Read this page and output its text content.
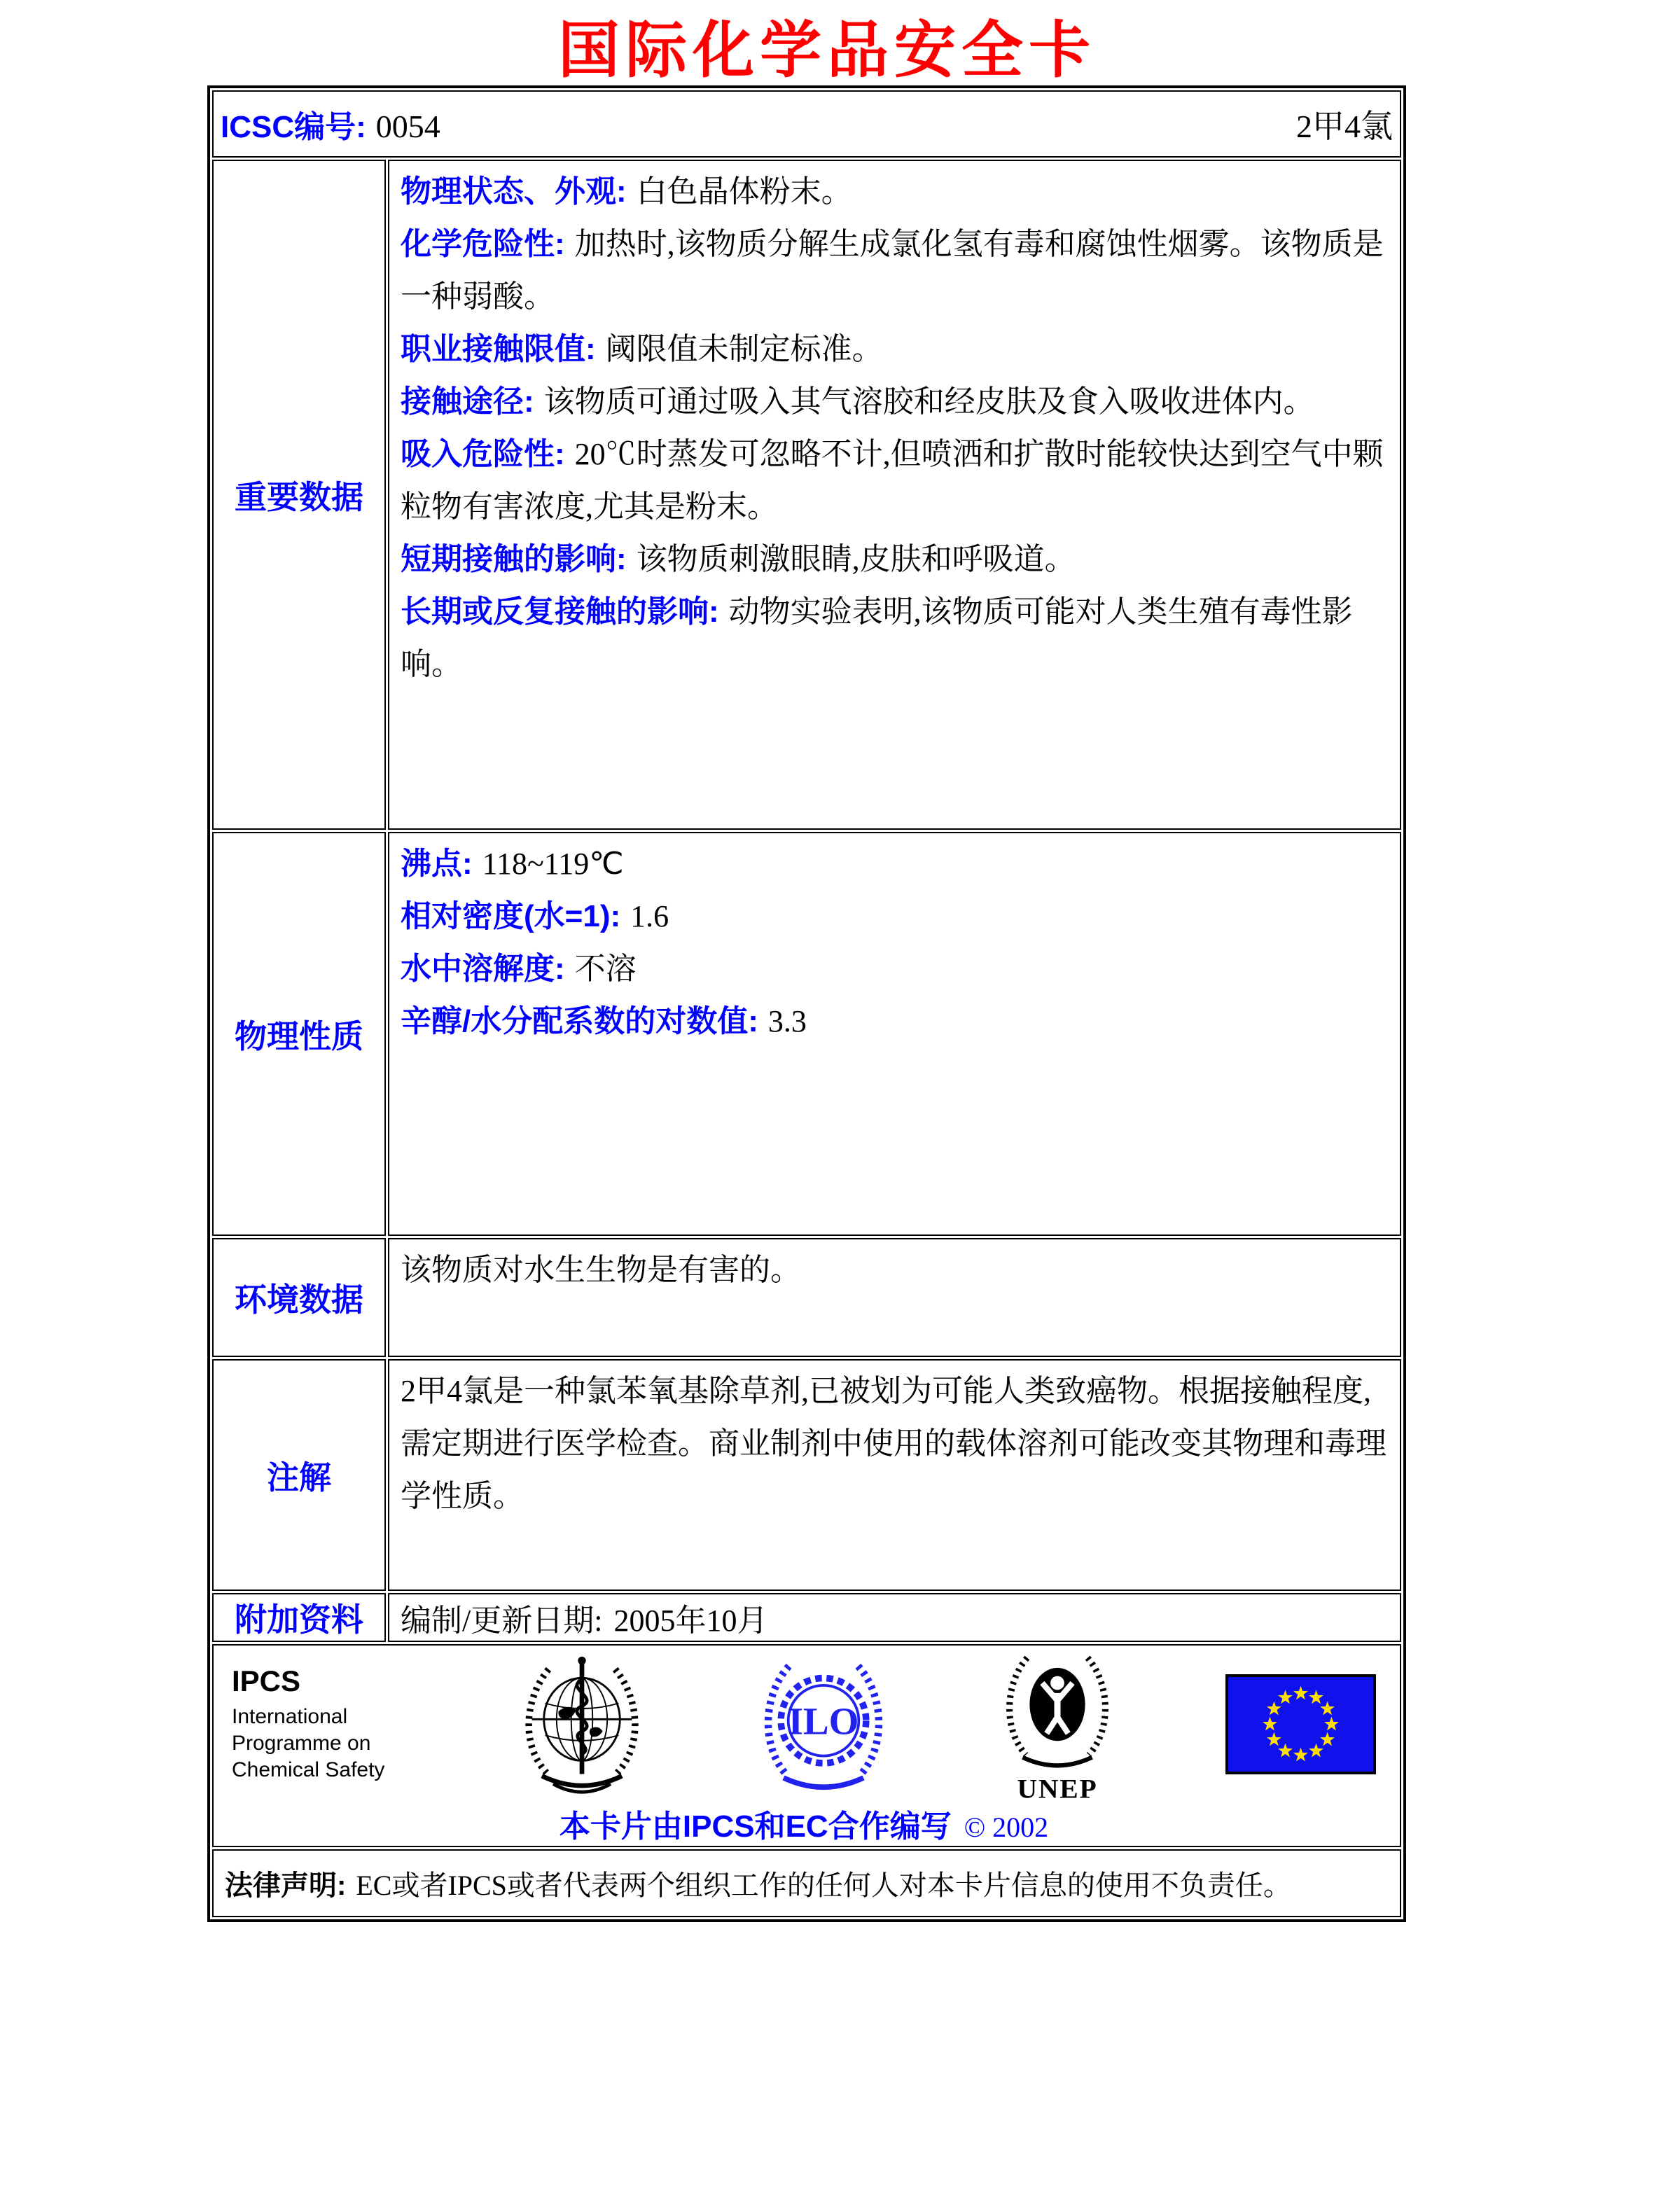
国际化学品安全卡
ICSC编号: 0054 2甲4氯	

重要数据	
物理状态、外观: 白色晶体粉末。
化学危险性: 加热时,该物质分解生成氯化氢有毒和腐蚀性烟雾。该物质是一种弱酸。
职业接触限值: 阈限值未制定标准。
接触途径: 该物质可通过吸入其气溶胶和经皮肤及食入吸收进体内。
吸入危险性: 20℃时蒸发可忽略不计,但喷洒和扩散时能较快达到空气中颗粒物有害浓度,尤其是粉末。
短期接触的影响: 该物质刺激眼睛,皮肤和呼吸道。
长期或反复接触的影响: 动物实验表明,该物质可能对人类生殖有毒性影响。

物理性质	沸点: 118~119℃
相对密度(水=1): 1.6
水中溶解度: 不溶
辛醇/水分配系数的对数值: 3.3

环境数据	该物质对水生生物是有害的。
注解	2甲4氯是一种氯苯氧基除草剂,已被划为可能人类致癌物。根据接触程度,需定期进行医学检查。商业制剂中使用的载体溶剂可能改变其物理和毒理学性质。
附加资料	编制/更新日期: 2005年10月

IPCS
International
Programme on
Chemical Safety
ILO
UNEP
本卡片由IPCS和EC合作编写 © 2002

法律声明: EC或者IPCS或者代表两个组织工作的任何人对本卡片信息的使用不负责任。	
